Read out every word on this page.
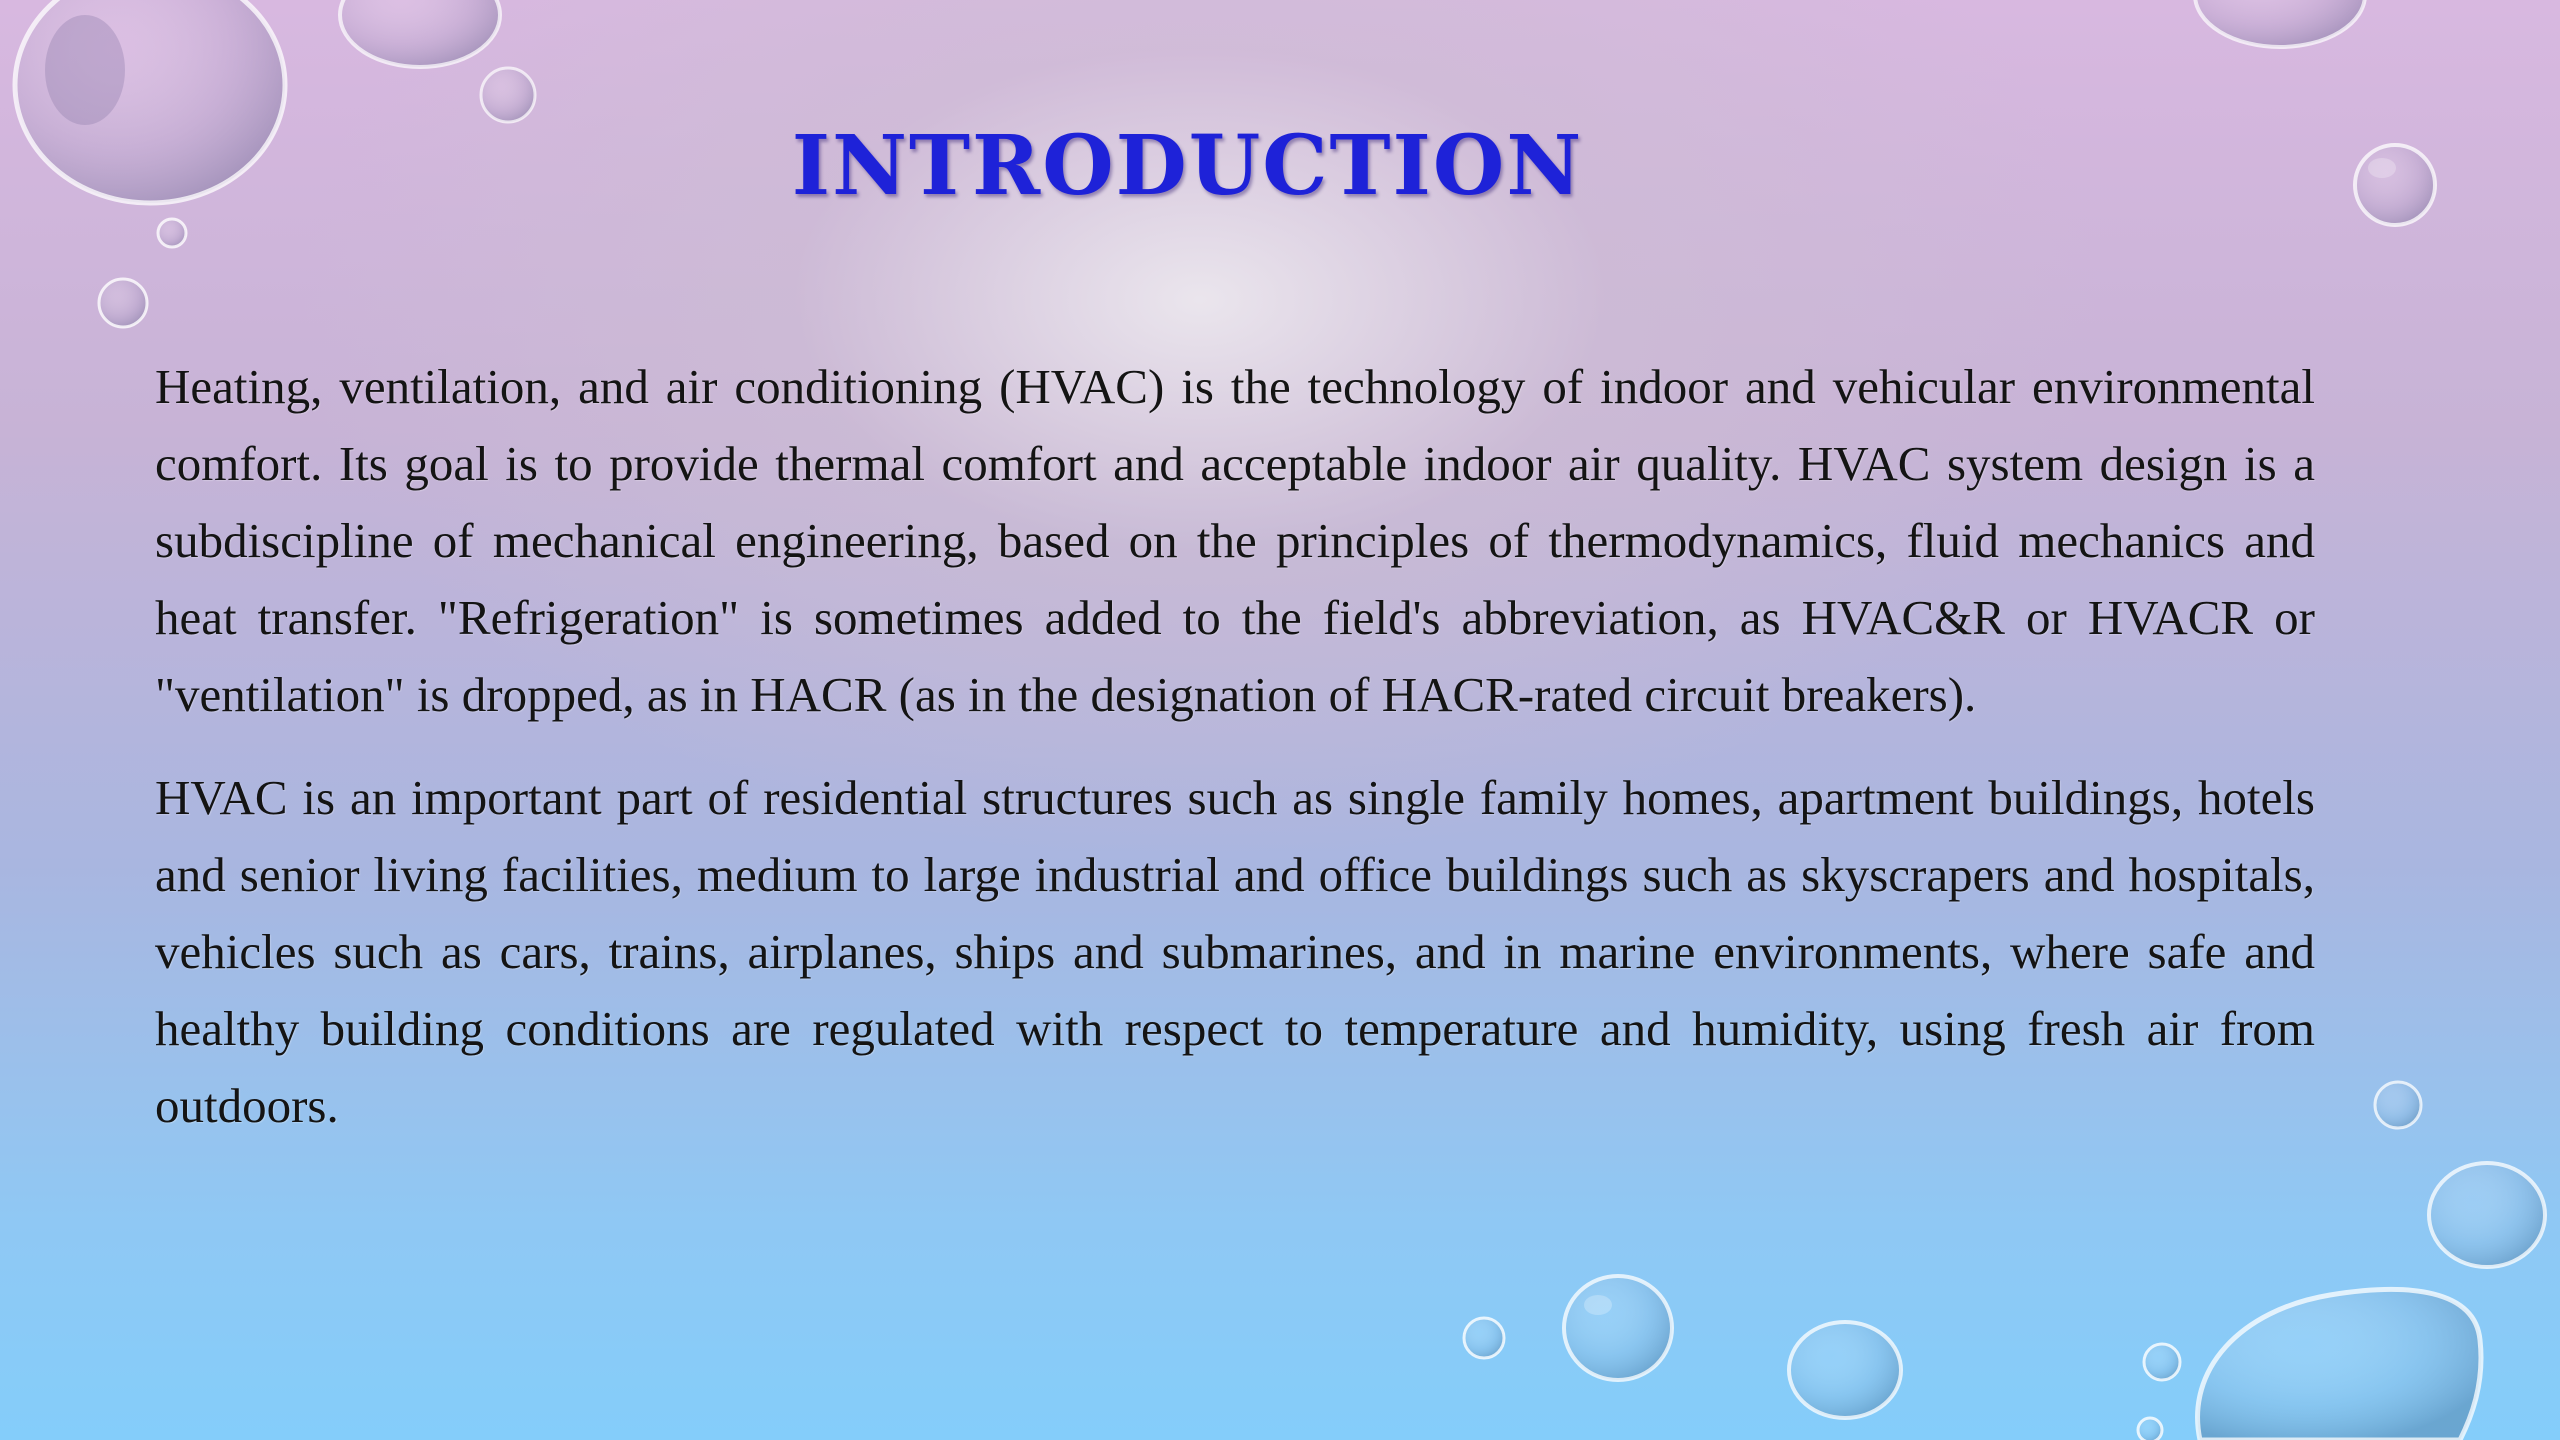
INTRODUCTION

Heating, ventilation, and air conditioning (HVAC) is the technology of indoor and vehicular environmental comfort. Its goal is to provide thermal comfort and acceptable indoor air quality. HVAC system design is a subdiscipline of mechanical engineering, based on the principles of thermodynamics, fluid mechanics and heat transfer. "Refrigeration" is sometimes added to the field's abbreviation, as HVAC&R or HVACR or "ventilation" is dropped, as in HACR (as in the designation of HACR-rated circuit breakers).

HVAC is an important part of residential structures such as single family homes, apartment buildings, hotels and senior living facilities, medium to large industrial and office buildings such as skyscrapers and hospitals, vehicles such as cars, trains, airplanes, ships and submarines, and in marine environments, where safe and healthy building conditions are regulated with respect to temperature and humidity, using fresh air from outdoors.
